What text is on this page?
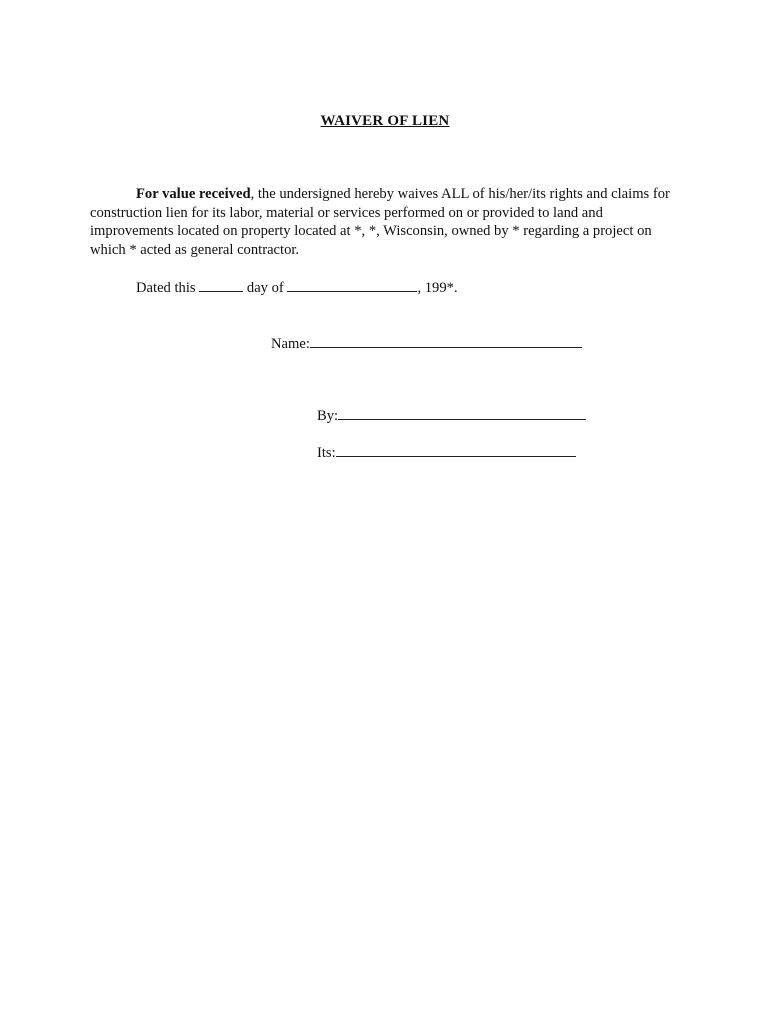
WAIVER OF LIEN

For value received, the undersigned hereby waives ALL of his/her/its rights and claims for construction lien for its labor, material or services performed on or provided to land and improvements located on property located at *, *, Wisconsin, owned by * regarding a project on which * acted as general contractor.

Dated this	day of	, 199*.
Name:
By:
Its:
